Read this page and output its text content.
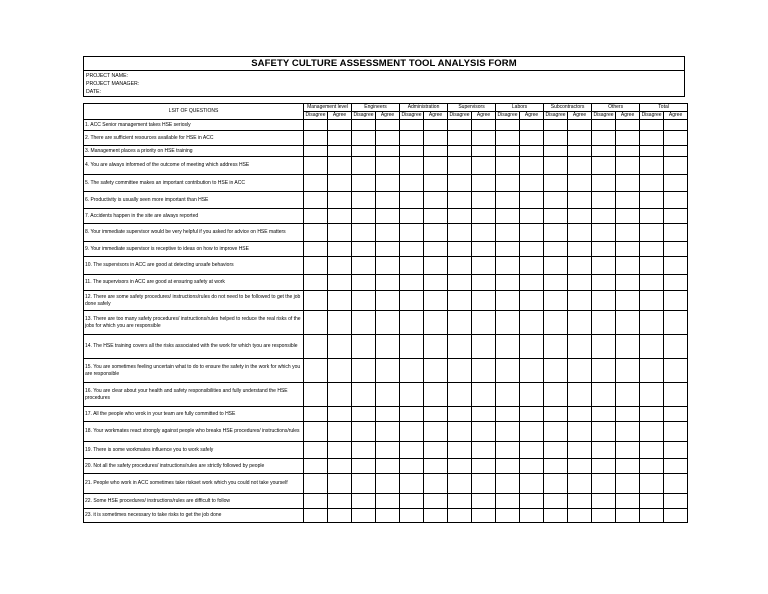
SAFETY CULTURE ASSESSMENT TOOL ANALYSIS FORM
PROJECT NAME:
PROJECT MANAGER:
DATE:
LSIT OF QUESTIONS	Management level		Engineers		Administration		Supervisors		Labors		Subcontractors		Others		Total	
	Disagree	Agree	Disagree	Agree	Disagree	Agree	Disagree	Agree	Disagree	Agree	Disagree	Agree	Disagree	Agree	Disagree	Agree
1. ACC Senior management takes HSE seriosly																
2. There are sufficient resources available for HSE in ACC																
3. Management places a priority on HSE training																
4. You are always informed of the outcome of meeting which address HSE																
5. The safety committee makes an important contribution to HSE in ACC																
6. Productivity is usually seen more important than HSE																
7. Accidents happen in the site are always reported																
8. Your immediate supervisor would be very helpful if you asked for advice on HSE matters																
9. Your immediate supervisor is receptive to ideas on how to improve HSE																
10. The supervisors in ACC are good at detecting unsafe behaviors																
11. The supervisors in ACC are good at ensuring safety at work																
12. There are some safety procedures/ instructions/rules do not need to be followed to get the job done safely																
13. There are too many safety procedures/ instructions/rules helped to reduce the real risks of the jobs for which you are responsible																
14. The HSE training covers all the risks associated with the work for which tyou are responsible																
15. You are sometimes feeling uncertain what to do to ensure the safety in the work for which you are responsible																
16. You are clear about your health and safety responsibilities and fully understand the HSE procedures																
17. All the people who wrok in your team are fully committed to HSE																
18. Your workmates react strongly against people who breaks HSE procedures/ instructions/rules																
19. There is some workmates influence you to work safely																
20. Not all the safety procedures/ instructions/rules are strictly followed by people																
21. People who work in ACC sometimes take riskset work which you could not take yourself																
22. Some HSE procedures/ instructions/rules are difficult to follow																
23. it is sometimes necessary to take risks to get the job done																
